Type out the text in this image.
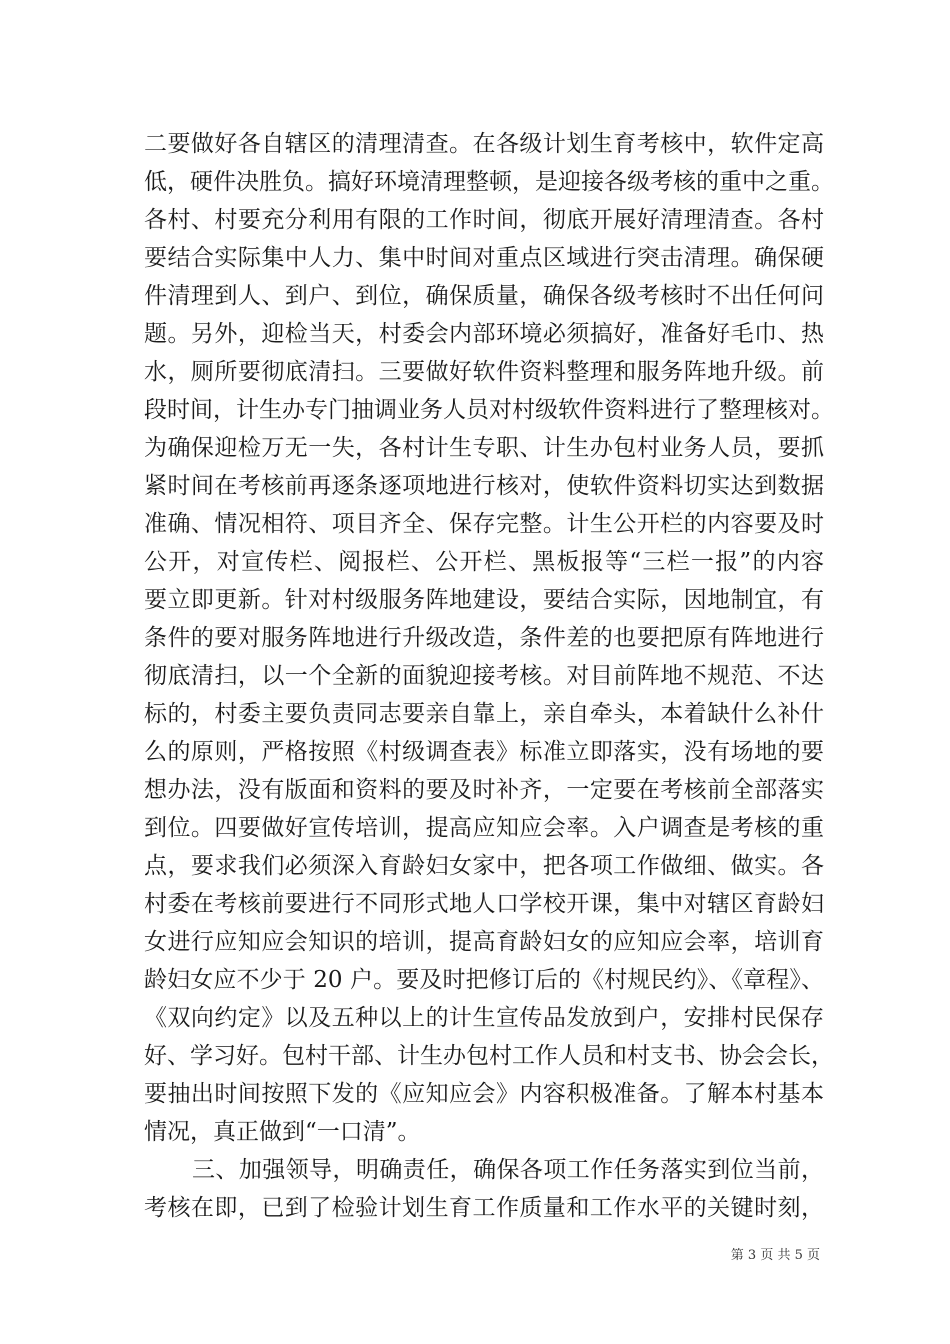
二要做好各自辖区的清理清查。在各级计划生育考核中，软件定高
低，硬件决胜负。搞好环境清理整顿，是迎接各级考核的重中之重。
各村、村要充分利用有限的工作时间，彻底开展好清理清查。各村
要结合实际集中人力、集中时间对重点区域进行突击清理。确保硬
件清理到人、到户、到位，确保质量，确保各级考核时不出任何问
题。另外，迎检当天，村委会内部环境必须搞好，准备好毛巾、热
水，厕所要彻底清扫。三要做好软件资料整理和服务阵地升级。前
段时间，计生办专门抽调业务人员对村级软件资料进行了整理核对。
为确保迎检万无一失，各村计生专职、计生办包村业务人员，要抓
紧时间在考核前再逐条逐项地进行核对，使软件资料切实达到数据
准确、情况相符、项目齐全、保存完整。计生公开栏的内容要及时
公开，对宣传栏、阅报栏、公开栏、黑板报等“三栏一报”的内容
要立即更新。针对村级服务阵地建设，要结合实际，因地制宜，有
条件的要对服务阵地进行升级改造，条件差的也要把原有阵地进行
彻底清扫，以一个全新的面貌迎接考核。对目前阵地不规范、不达
标的，村委主要负责同志要亲自靠上，亲自牵头，本着缺什么补什
么的原则，严格按照《村级调查表》标准立即落实，没有场地的要
想办法，没有版面和资料的要及时补齐，一定要在考核前全部落实
到位。四要做好宣传培训，提高应知应会率。入户调查是考核的重
点，要求我们必须深入育龄妇女家中，把各项工作做细、做实。各
村委在考核前要进行不同形式地人口学校开课，集中对辖区育龄妇
女进行应知应会知识的培训，提高育龄妇女的应知应会率，培训育
龄妇女应不少于 20 户。要及时把修订后的《村规民约》、《章程》、
《双向约定》以及五种以上的计生宣传品发放到户，安排村民保存
好、学习好。包村干部、计生办包村工作人员和村支书、协会会长，
要抽出时间按照下发的《应知应会》内容积极准备。了解本村基本
情况，真正做到“一口清”。
三、加强领导，明确责任，确保各项工作任务落实到位当前，
考核在即，已到了检验计划生育工作质量和工作水平的关键时刻，
第 3 页 共 5 页
